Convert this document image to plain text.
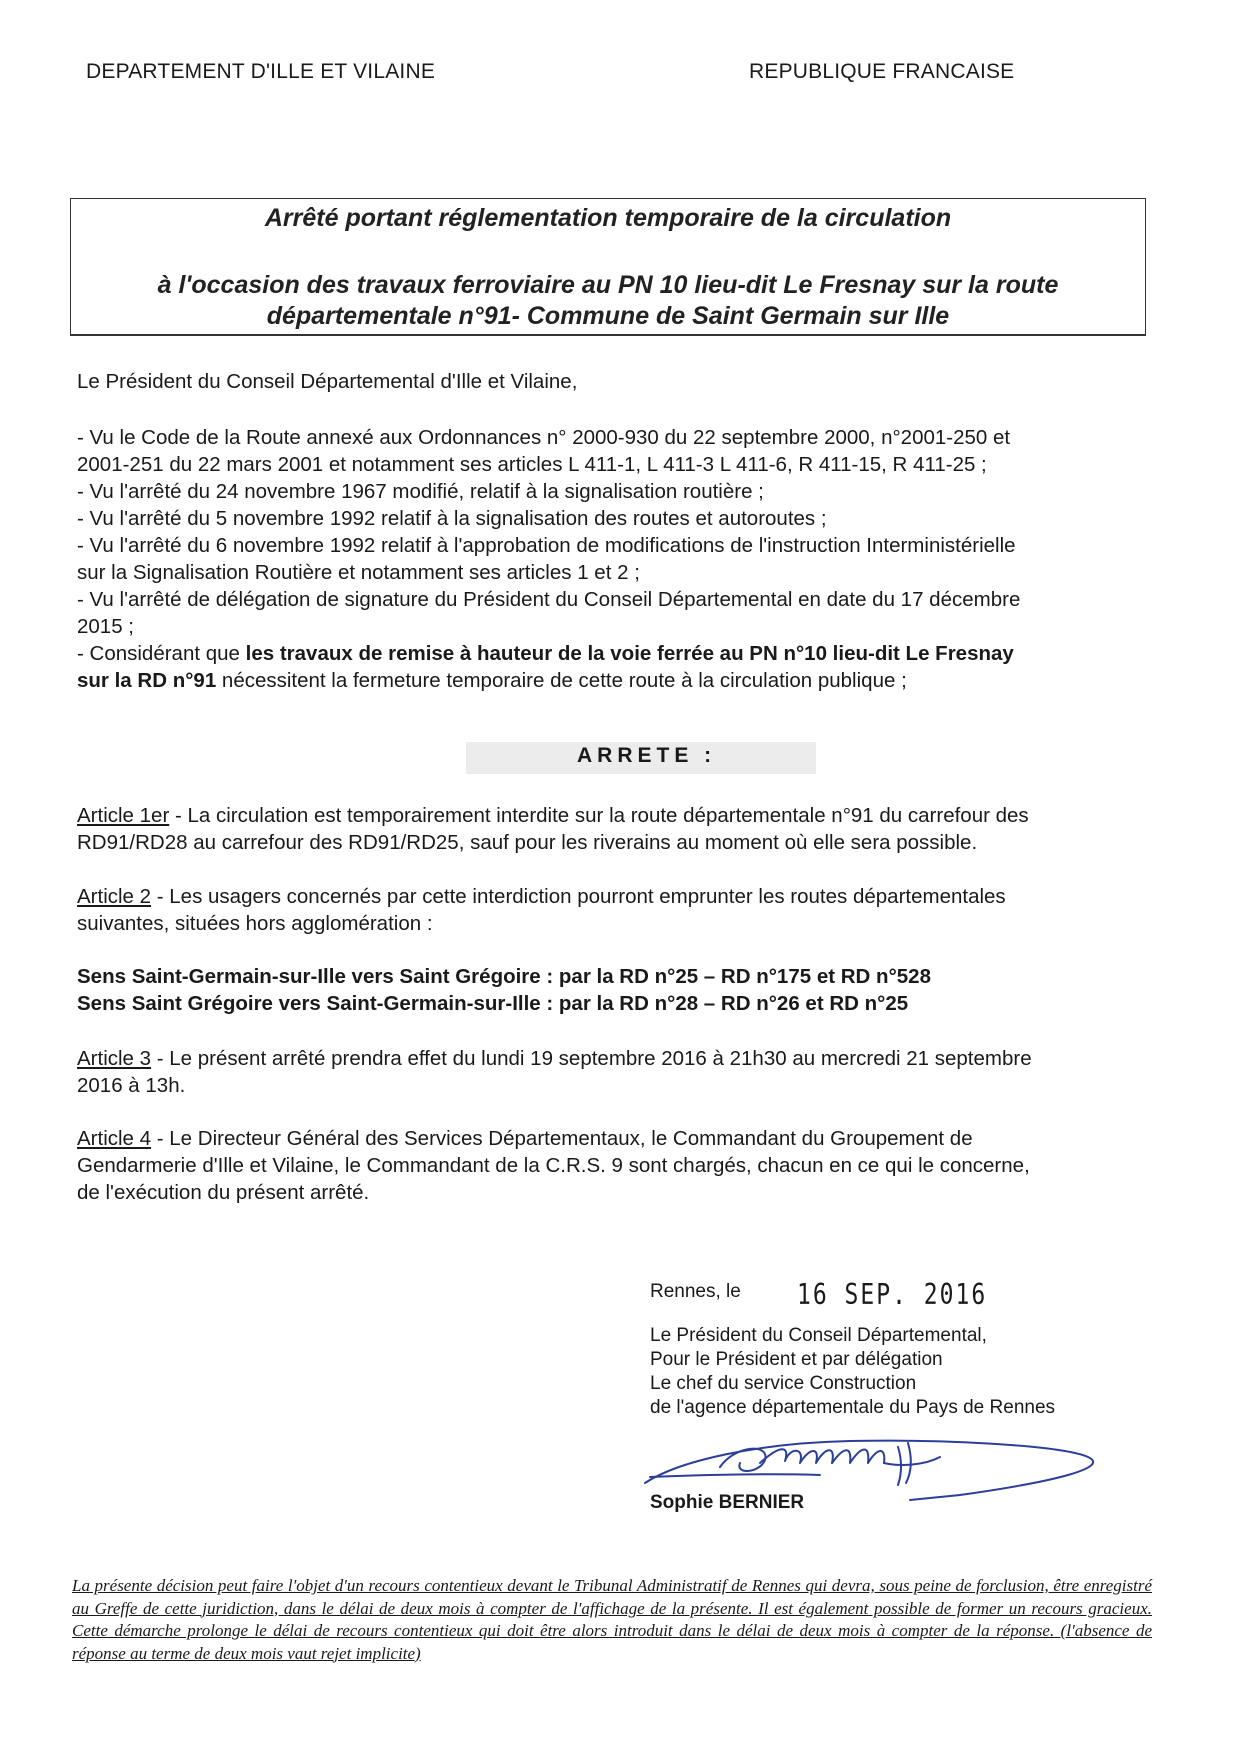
DEPARTEMENT D'ILLE ET VILAINE	REPUBLIQUE FRANCAISE
Arrêté portant réglementation temporaire de la circulation
à l'occasion des travaux ferroviaire au PN 10 lieu-dit Le Fresnay sur la route
départementale n°91- Commune de Saint Germain sur Ille
Le Président du Conseil Départemental d'Ille et Vilaine,
- Vu le Code de la Route annexé aux Ordonnances n° 2000-930 du 22 septembre 2000, n°2001-250 et
2001-251 du 22 mars 2001 et notamment ses articles L 411-1, L 411-3 L 411-6, R 411-15, R 411-25 ;
- Vu l'arrêté du 24 novembre 1967 modifié, relatif à la signalisation routière ;
- Vu l'arrêté du 5 novembre 1992 relatif à la signalisation des routes et autoroutes ;
- Vu l'arrêté du 6 novembre 1992 relatif à l'approbation de modifications de l'instruction Interministérielle
sur la Signalisation Routière et notamment ses articles 1 et 2 ;
- Vu l'arrêté de délégation de signature du Président du Conseil Départemental en date du 17 décembre
2015 ;
- Considérant que les travaux de remise à hauteur de la voie ferrée au PN n°10 lieu-dit Le Fresnay
sur la RD n°91 nécessitent la fermeture temporaire de cette route à la circulation publique ;
ARRETE :
Article 1er - La circulation est temporairement interdite sur la route départementale n°91 du carrefour des
RD91/RD28 au carrefour des RD91/RD25, sauf pour les riverains au moment où elle sera possible.
Article 2 - Les usagers concernés par cette interdiction pourront emprunter les routes départementales
suivantes, situées hors agglomération :
Sens Saint-Germain-sur-Ille vers Saint Grégoire : par la RD n°25 – RD n°175 et RD n°528
Sens Saint Grégoire vers Saint-Germain-sur-Ille : par la RD n°28 – RD n°26 et RD n°25
Article 3 - Le présent arrêté prendra effet du lundi 19 septembre 2016 à 21h30 au mercredi 21 septembre
2016 à 13h.
Article 4 - Le Directeur Général des Services Départementaux, le Commandant du Groupement de
Gendarmerie d'Ille et Vilaine, le Commandant de la C.R.S. 9 sont chargés, chacun en ce qui le concerne,
de l'exécution du présent arrêté.
Rennes, le 16 SEP. 2016
Le Président du Conseil Départemental,
Pour le Président et par délégation
Le chef du service Construction
de l'agence départementale du Pays de Rennes
Sophie BERNIER
La présente décision peut faire l'objet d'un recours contentieux devant le Tribunal Administratif de Rennes qui devra, sous peine de forclusion, être enregistré au Greffe de cette juridiction, dans le délai de deux mois à compter de l'affichage de la présente. Il est également possible de former un recours gracieux. Cette démarche prolonge le délai de recours contentieux qui doit être alors introduit dans le délai de deux mois à compter de la réponse. (l'absence de réponse au terme de deux mois vaut rejet implicite)
